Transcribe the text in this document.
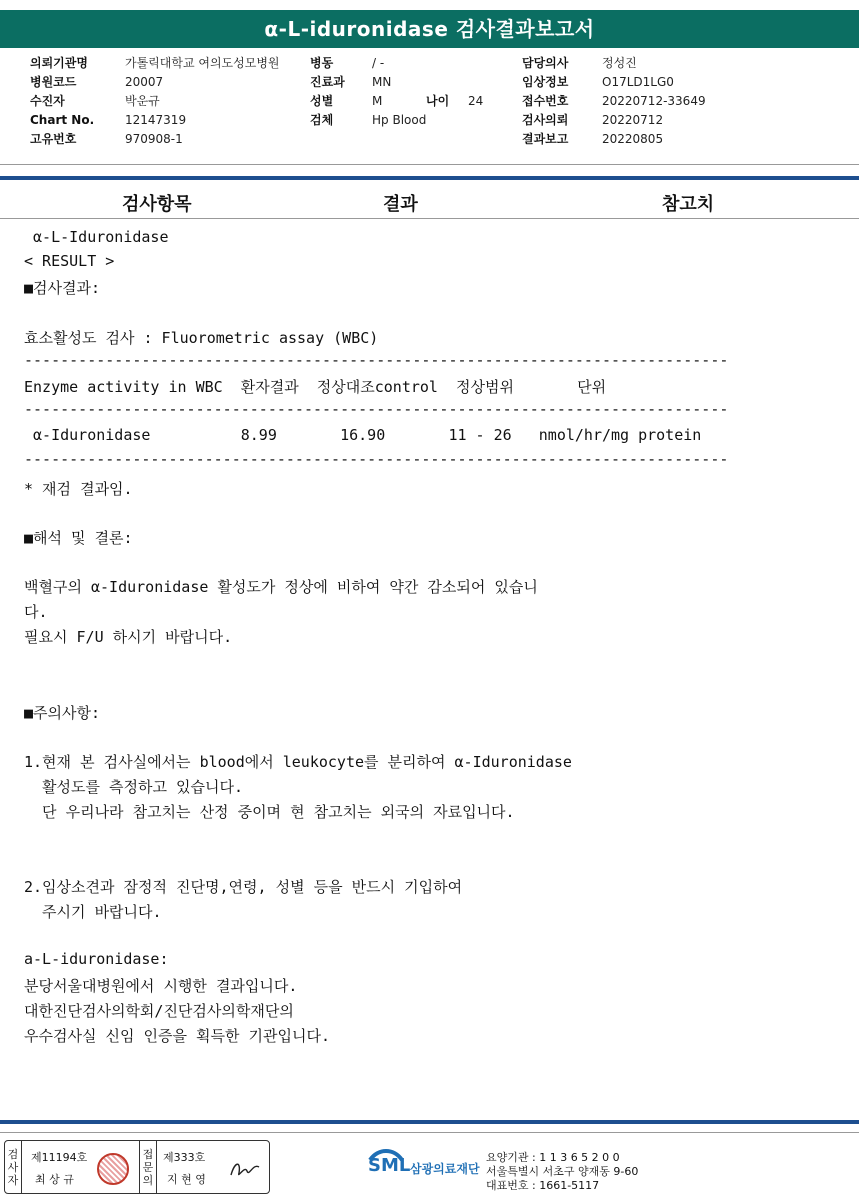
α-L-iduronidase 검사결과보고서
의뢰기관명	가톨릭대학교 여의도성모병원
병원코드	20007
수진자	박운규
Chart No.	12147319
고유번호	970908-1
병동	/ -
진료과	MN
성별	M	나이	24
검체	Hp Blood
담당의사	정성진
임상정보	O17LD1LG0
접수번호	20220712-33649
검사의뢰	20220712
결과보고	20220805
검사항목	결과	참고치
α-L-Iduronidase
< RESULT >
■검사결과:
효소활성도 검사 : Fluorometric assay (WBC)
------------------------------------------------------------------------------
Enzyme activity in WBC  환자결과  정상대조control  정상범위       단위
------------------------------------------------------------------------------
α-Iduronidase          8.99       16.90       11 - 26   nmol/hr/mg protein
------------------------------------------------------------------------------
* 재검 결과임.
■해석 및 결론:
백혈구의 α-Iduronidase 활성도가 정상에 비하여 약간 감소되어 있습니
다.
필요시 F/U 하시기 바랍니다.
■주의사항:
1.현재 본 검사실에서는 blood에서 leukocyte를 분리하여 α-Iduronidase
활성도를 측정하고 있습니다.
단 우리나라 참고치는 산정 중이며 현 참고치는 외국의 자료입니다.
2.임상소견과 잠정적 진단명,연령, 성별 등을 반드시 기입하여
주시기 바랍니다.
a-L-iduronidase:
분당서울대병원에서 시행한 결과입니다.
대한진단검사의학회/진단검사의학재단의
우수검사실 신임 인증을 획득한 기관입니다.
검
사
자
제11194호
최 상 규
접
문
의
제333호
지 현 영
SML 삼광의료재단
요양기관 : 1 1 3 6 5 2 0 0
서울특별시 서초구 양재동 9-60
대표번호 : 1661-5117
